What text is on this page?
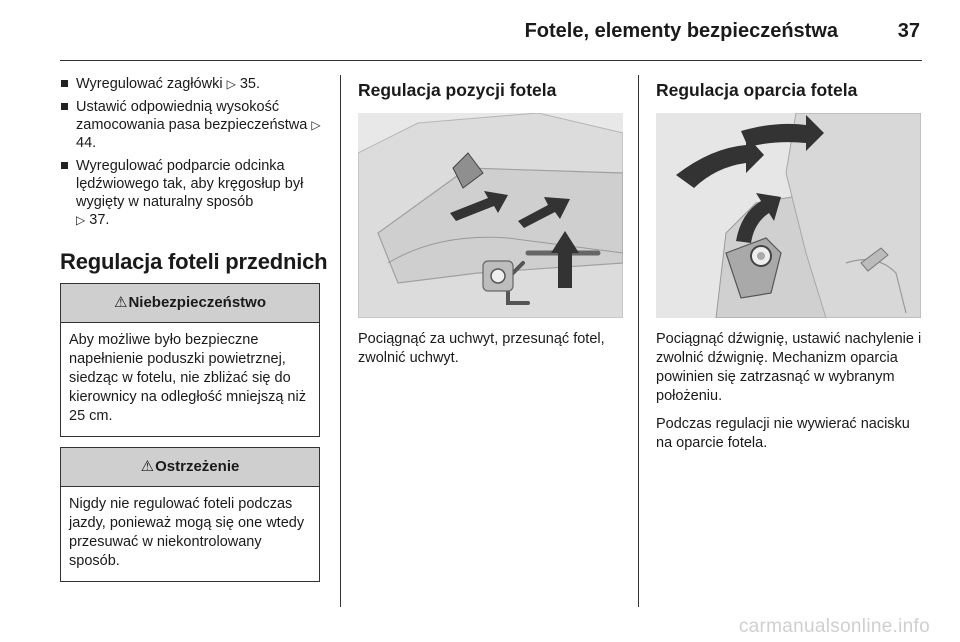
Fotele, elementy bezpieczeństwa	37
Wyregulować zagłówki ▷ 35.
Ustawić odpowiednią wysokość zamocowania pasa bezpieczeństwa ▷ 44.
Wyregulować podparcie odcinka lędźwiowego tak, aby kręgosłup był wygięty w naturalny sposób
▷ 37.
Regulacja foteli przednich
⚠ Niebezpieczeństwo
Aby możliwe było bezpieczne napełnienie poduszki powietrznej, siedząc w fotelu, nie zbliżać się do kierownicy na odległość mniejszą niż 25 cm.
⚠ Ostrzeżenie
Nigdy nie regulować foteli podczas jazdy, ponieważ mogą się one wtedy przesuwać w niekontrolowany sposób.
Regulacja pozycji fotela
Pociągnąć za uchwyt, przesunąć fotel, zwolnić uchwyt.
Regulacja oparcia fotela
Pociągnąć dźwignię, ustawić nachylenie i zwolnić dźwignię. Mechanizm oparcia powinien się zatrzasnąć w wybranym położeniu.
Podczas regulacji nie wywierać nacisku na oparcie fotela.
carmanualsonline.info
